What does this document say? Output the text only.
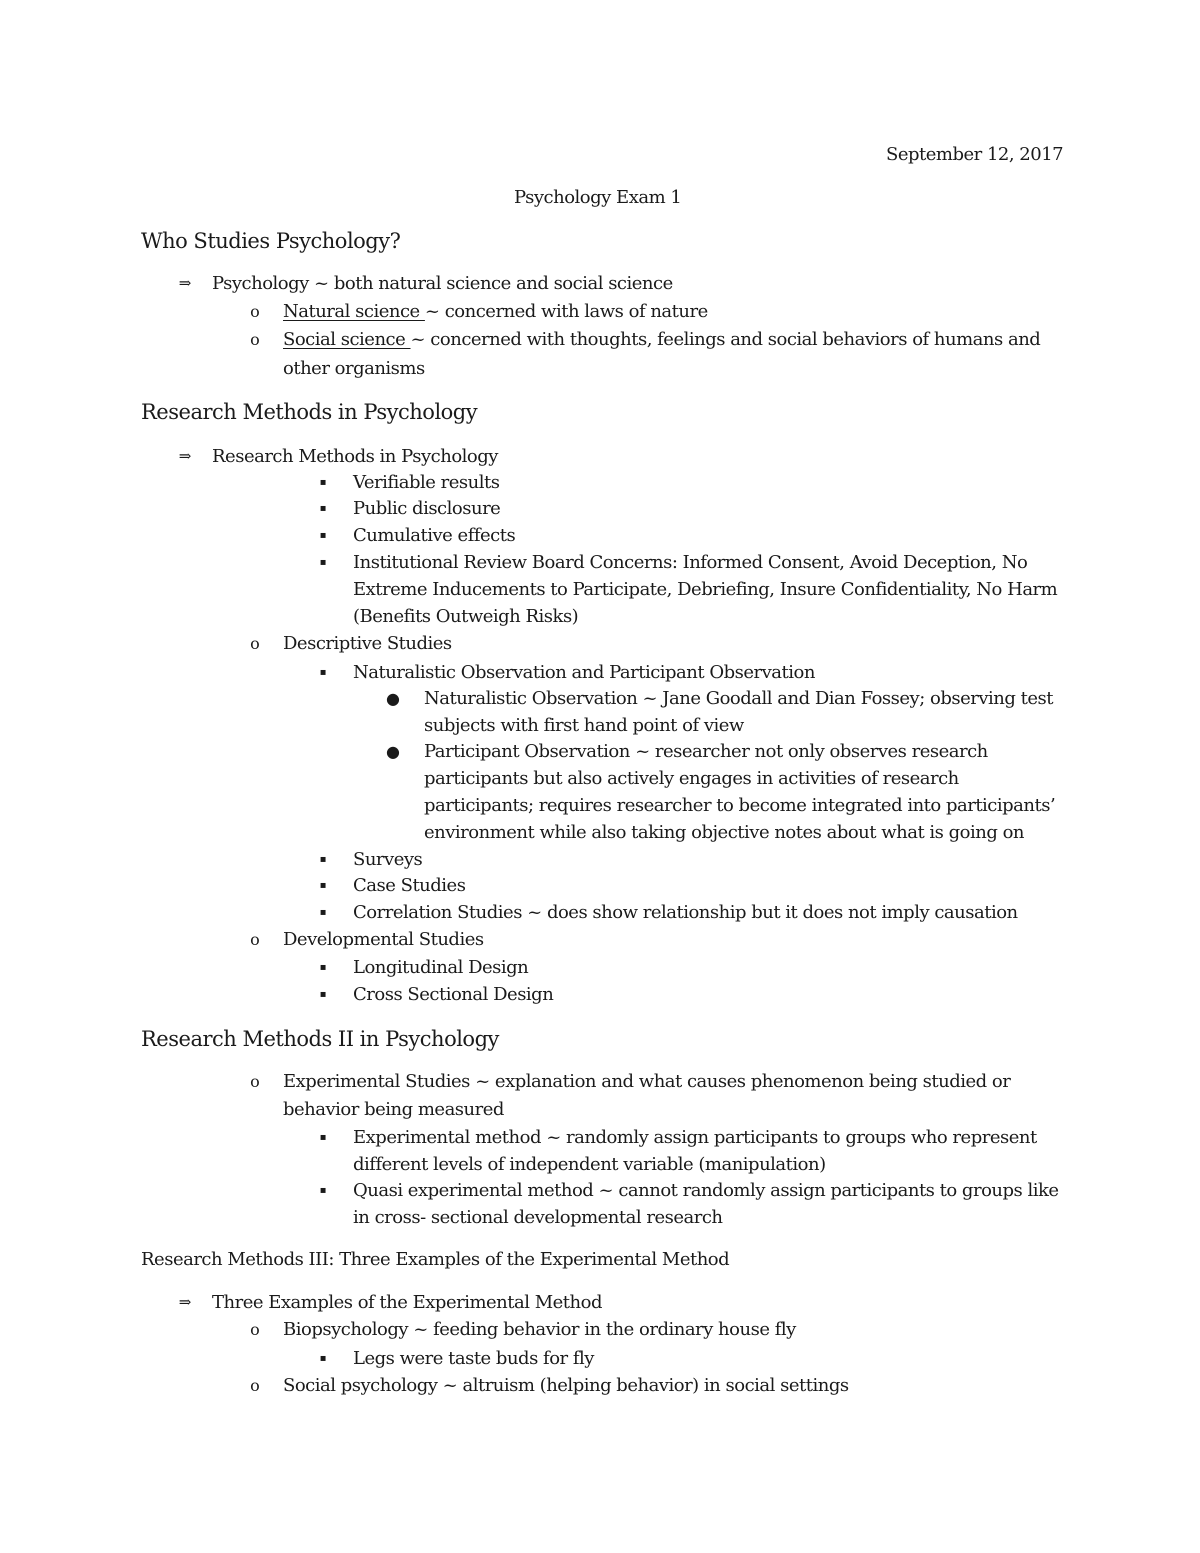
September 12, 2017
Psychology Exam 1
Who Studies Psychology?
⇒	Psychology ~ both natural science and social science
o	Natural science ~ concerned with laws of nature
o	Social science ~ concerned with thoughts, feelings and social behaviors of humans and
other organisms
Research Methods in Psychology
⇒	Research Methods in Psychology
▪	Verifiable results
▪	Public disclosure
▪	Cumulative effects
▪	Institutional Review Board Concerns: Informed Consent, Avoid Deception, No
Extreme Inducements to Participate, Debriefing, Insure Confidentiality, No Harm
(Benefits Outweigh Risks)
o	Descriptive Studies
▪	Naturalistic Observation and Participant Observation
● Naturalistic Observation ~ Jane Goodall and Dian Fossey; observing test
subjects with first hand point of view
● Participant Observation ~ researcher not only observes research
participants but also actively engages in activities of research
participants; requires researcher to become integrated into participants’
environment while also taking objective notes about what is going on
▪	Surveys
▪	Case Studies
▪	Correlation Studies ~ does show relationship but it does not imply causation
o	Developmental Studies
▪	Longitudinal Design
▪	Cross Sectional Design
Research Methods II in Psychology
o	Experimental Studies ~ explanation and what causes phenomenon being studied or
behavior being measured
▪	Experimental method ~ randomly assign participants to groups who represent
different levels of independent variable (manipulation)
▪	Quasi experimental method ~ cannot randomly assign participants to groups like
in cross- sectional developmental research
Research Methods III: Three Examples of the Experimental Method
⇒	Three Examples of the Experimental Method
o	Biopsychology ~ feeding behavior in the ordinary house fly
▪	Legs were taste buds for fly
o	Social psychology ~ altruism (helping behavior) in social settings
